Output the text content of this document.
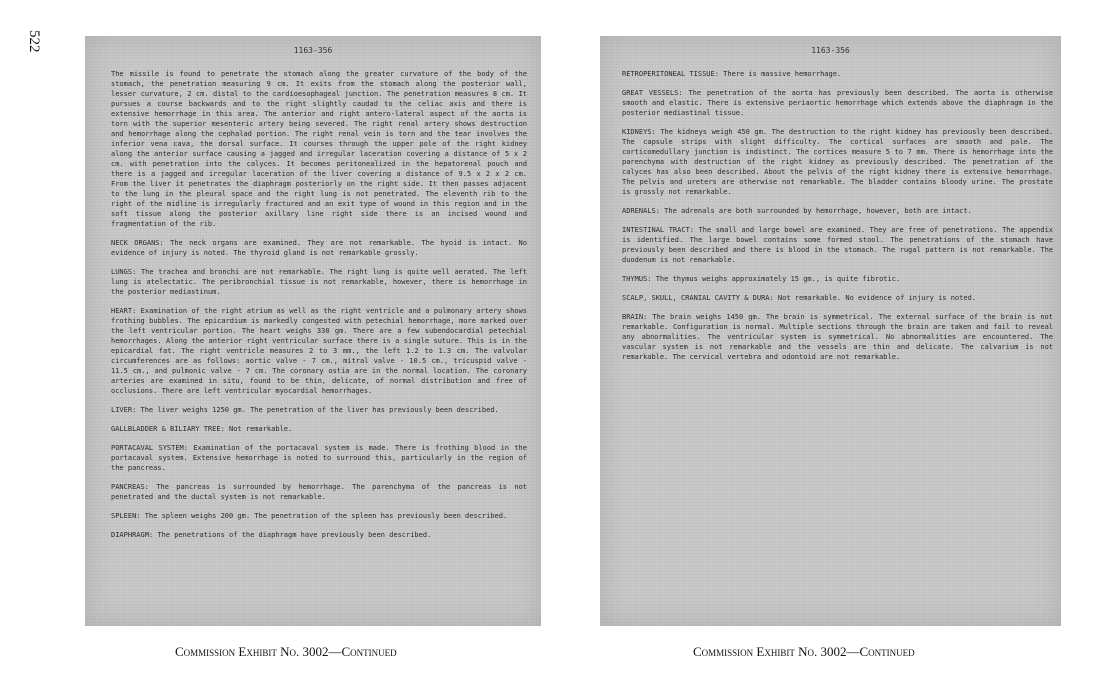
522	1163-356

The missile is found to penetrate the stomach along the greater curvature of the body of the stomach, the penetration measuring 9 cm. It exits from the stomach along the posterior wall, lesser curvature, 2 cm. distal to the cardioesophageal junction. The penetration measures 8 cm. It pursues a course backwards and to the right slightly caudad to the celiac axis and there is extensive hemorrhage in this area. The anterior and right antero-lateral aspect of the aorta is torn with the superior mesenteric artery being severed. The right renal artery shows destruction and hemorrhage along the cephalad portion. The right renal vein is torn and the tear involves the inferior vena cava, the dorsal surface. It courses through the upper pole of the right kidney along the anterior surface causing a jagged and irregular laceration covering a distance of 5 x 2 cm. with penetration into the calyces. It becomes peritonealized in the hepatorenal pouch and there is a jagged and irregular laceration of the liver covering a distance of 9.5 x 2 x 2 cm. From the liver it penetrates the diaphragm posteriorly on the right side. It then passes adjacent to the lung in the pleural space and the right lung is not penetrated. The eleventh rib to the right of the midline is irregularly fractured and an exit type of wound in this region and in the soft tissue along the posterior axillary line right side there is an incised wound and fragmentation of the rib.

NECK ORGANS: The neck organs are examined. They are not remarkable. The hyoid is intact. No evidence of injury is noted. The thyroid gland is not remarkable grossly.

LUNGS: The trachea and bronchi are not remarkable. The right lung is quite well aerated. The left lung is atelectatic. The peribronchial tissue is not remarkable, however, there is hemorrhage in the posterior mediastinum.

HEART: Examination of the right atrium as well as the right ventricle and a pulmonary artery shows frothing bubbles. The epicardium is markedly congested with petechial hemorrhage, more marked over the left ventricular portion. The heart weighs 330 gm. There are a few subendocardial petechial hemorrhages. Along the anterior right ventricular surface there is a single suture. This is in the epicardial fat. The right ventricle measures 2 to 3 mm., the left 1.2 to 1.3 cm. The valvular circumferences are as follows: aortic valve - 7 cm., mitral valve - 10.5 cm., tricuspid valve - 11.5 cm., and pulmonic valve - 7 cm. The coronary ostia are in the normal location. The coronary arteries are examined in situ, found to be thin, delicate, of normal distribution and free of occlusions. There are left ventricular myocardial hemorrhages.

LIVER: The liver weighs 1250 gm. The penetration of the liver has previously been described.

GALLBLADDER & BILIARY TREE: Not remarkable.

PORTACAVAL SYSTEM: Examination of the portacaval system is made. There is frothing blood in the portacaval system. Extensive hemorrhage is noted to surround this, particularly in the region of the pancreas.

PANCREAS: The pancreas is surrounded by hemorrhage. The parenchyma of the pancreas is not penetrated and the ductal system is not remarkable.

SPLEEN: The spleen weighs 200 gm. The penetration of the spleen has previously been described.

DIAPHRAGM: The penetrations of the diaphragm have previously been described.

1163-356

RETROPERITONEAL TISSUE: There is massive hemorrhage.

GREAT VESSELS: The penetration of the aorta has previously been described. The aorta is otherwise smooth and elastic. There is extensive periaortic hemorrhage which extends above the diaphragm in the posterior mediastinal tissue.

KIDNEYS: The kidneys weigh 450 gm. The destruction to the right kidney has previously been described. The capsule strips with slight difficulty. The cortical surfaces are smooth and pale. The corticomedullary junction is indistinct. The cortices measure 5 to 7 mm. There is hemorrhage into the parenchyma with destruction of the right kidney as previously described. The penetration of the calyces has also been described. About the pelvis of the right kidney there is extensive hemorrhage. The pelvis and ureters are otherwise not remarkable. The bladder contains bloody urine. The prostate is grossly not remarkable.

ADRENALS: The adrenals are both surrounded by hemorrhage, however, both are intact.

INTESTINAL TRACT: The small and large bowel are examined. They are free of penetrations. The appendix is identified. The large bowel contains some formed stool. The penetrations of the stomach have previously been described and there is blood in the stomach. The rugal pattern is not remarkable. The duodenum is not remarkable.

THYMUS: The thymus weighs approximately 15 gm., is quite fibrotic.

SCALP, SKULL, CRANIAL CAVITY & DURA: Not remarkable. No evidence of injury is noted.

BRAIN: The brain weighs 1450 gm. The brain is symmetrical. The external surface of the brain is not remarkable. Configuration is normal. Multiple sections through the brain are taken and fail to reveal any abnormalities. The ventricular system is symmetrical. No abnormalities are encountered. The vascular system is not remarkable and the vessels are thin and delicate. The calvarium is not remarkable. The cervical vertebra and odontoid are not remarkable.

Commission Exhibit No. 3002—Continued	Commission Exhibit No. 3002—Continued
